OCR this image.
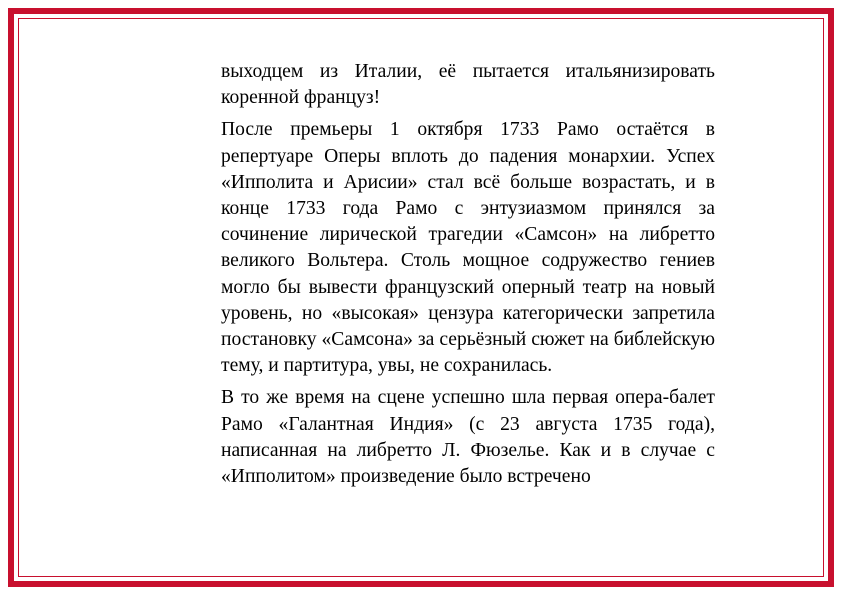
выходцем из Италии, её пытается итальянизировать коренной француз!

После премьеры 1 октября 1733 Рамо остаётся в репертуаре Оперы вплоть до падения монархии. Успех «Ипполита и Арисии» стал всё больше возрастать, и в конце 1733 года Рамо с энтузиазмом принялся за сочинение лирической трагедии «Самсон» на либретто великого Вольтера. Столь мощное содружество гениев могло бы вывести французский оперный театр на новый уровень, но «высокая» цензура категорически запретила постановку «Самсона» за серьёзный сюжет на библейскую тему, и партитура, увы, не сохранилась.

В то же время на сцене успешно шла первая опера-балет Рамо «Галантная Индия» (с 23 августа 1735 года), написанная на либретто Л. Фюзелье. Как и в случае с «Ипполитом» произведение было встречено
